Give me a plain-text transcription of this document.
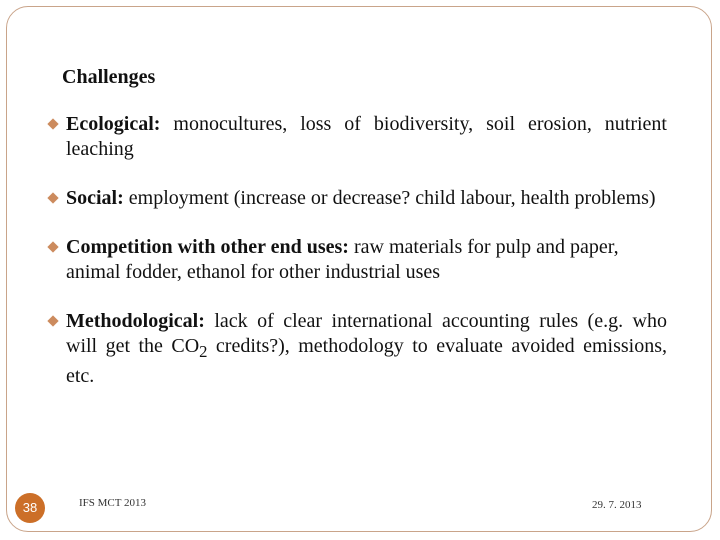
Challenges
Ecological: monocultures, loss of biodiversity, soil erosion, nutrient leaching
Social: employment (increase or decrease? child labour, health problems)
Competition with other end uses: raw materials for pulp and paper, animal fodder, ethanol for other industrial uses
Methodological: lack of clear international accounting rules (e.g. who will get the $CO_2$ credits?), methodology to evaluate avoided emissions, etc.
38	IFS MCT 2013	29. 7. 2013
